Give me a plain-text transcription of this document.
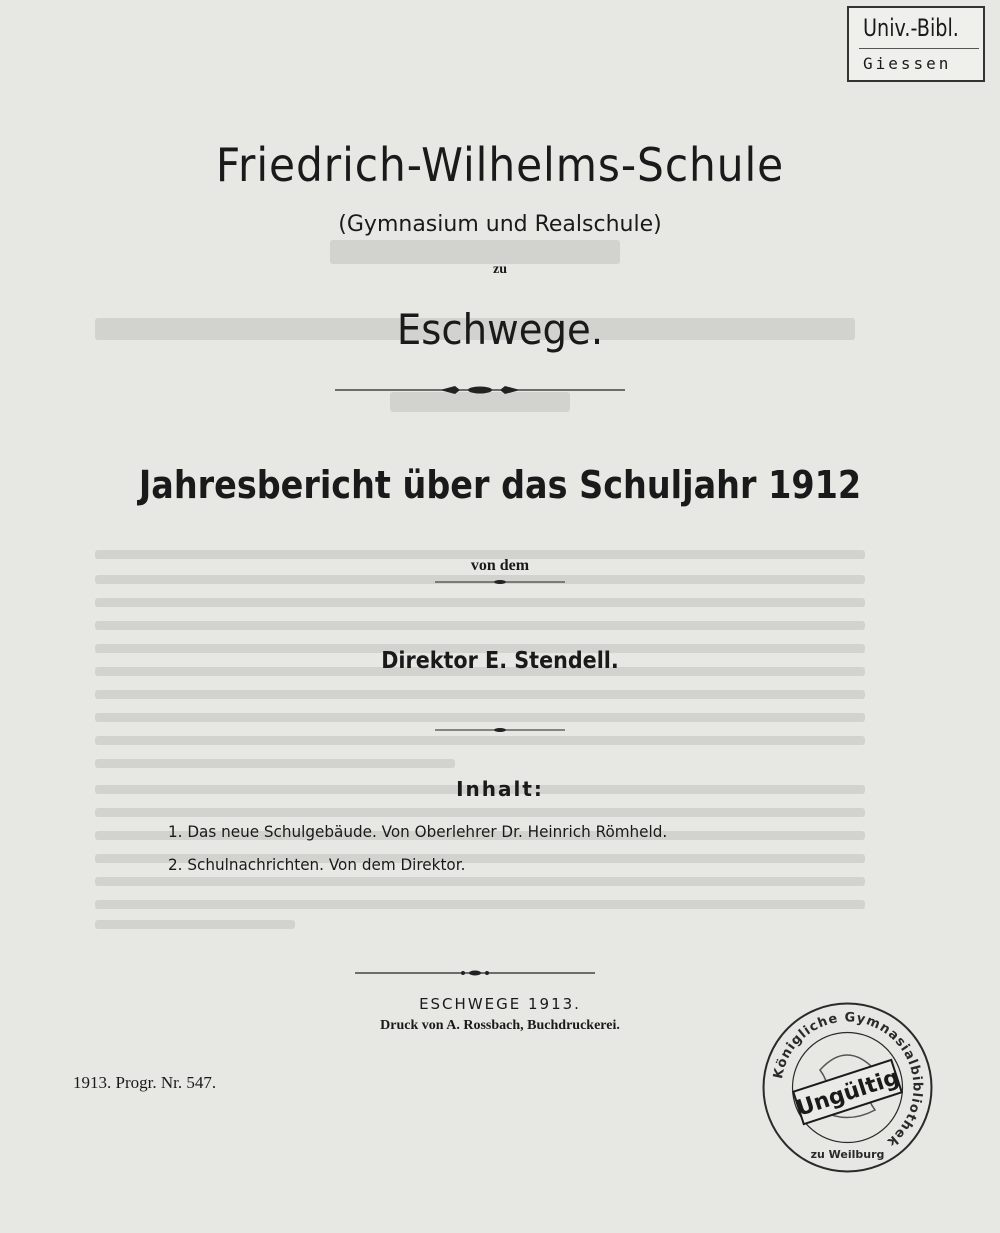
Univ.-Bibl.
Giessen
Friedrich-Wilhelms-Schule
(Gymnasium und Realschule)
zu
Eschwege.
Jahresbericht über das Schuljahr 1912
von dem
Direktor E. Stendell.
Inhalt:
1. Das neue Schulgebäude. Von Oberlehrer Dr. Heinrich Römheld.
2. Schulnachrichten. Von dem Direktor.
ESCHWEGE 1913.
Druck von A. Rossbach, Buchdruckerei.
1913. Progr. Nr. 547.	Königliche Gymnasialbibliothek
zu Weilburg
Ungültig
